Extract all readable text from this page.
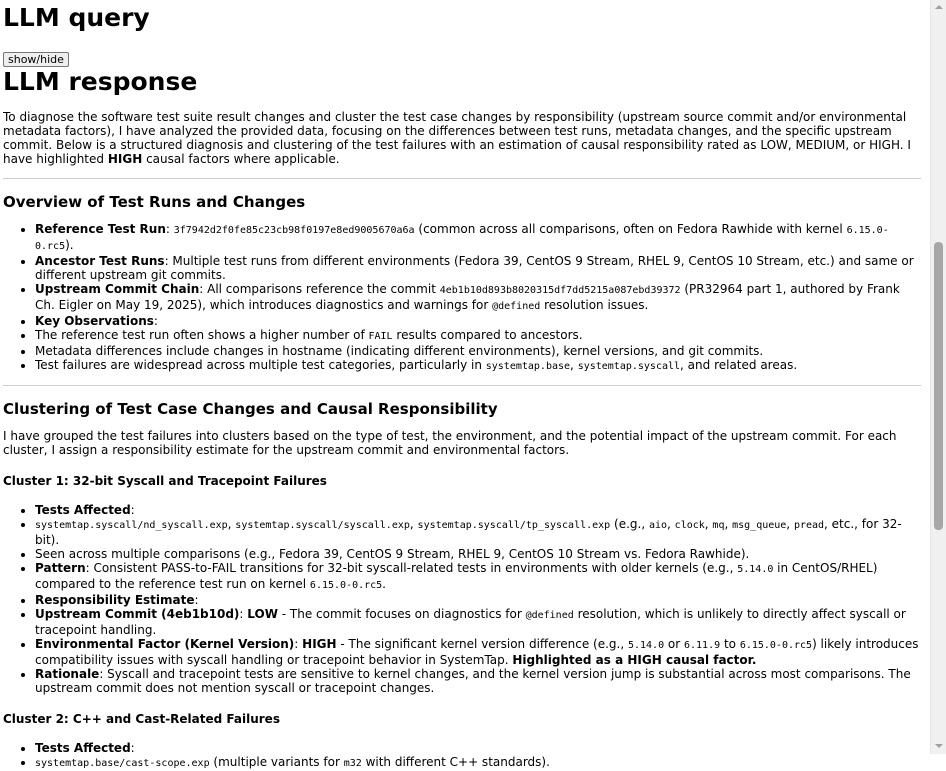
LLM query
show/hide
LLM response

To diagnose the software test suite result changes and cluster the test case changes by responsibility (upstream source commit and/or environmental metadata factors), I have analyzed the provided data, focusing on the differences between test runs, metadata changes, and the specific upstream commit. Below is a structured diagnosis and clustering of the test failures with an estimation of causal responsibility rated as LOW, MEDIUM, or HIGH. I have highlighted HIGH causal factors where applicable.

Overview of Test Runs and Changes
• Reference Test Run: 3f7942d2f0fe85c23cb98f0197e8ed9005670a6a (common across all comparisons, often on Fedora Rawhide with kernel 6.15.0-0.rc5).
• Ancestor Test Runs: Multiple test runs from different environments (Fedora 39, CentOS 9 Stream, RHEL 9, CentOS 10 Stream, etc.) and same or different upstream git commits.
• Upstream Commit Chain: All comparisons reference the commit 4eb1b10d893b8020315df7dd5215a087ebd39372 (PR32964 part 1, authored by Frank Ch. Eigler on May 19, 2025), which introduces diagnostics and warnings for @defined resolution issues.
• Key Observations:
• The reference test run often shows a higher number of FAIL results compared to ancestors.
• Metadata differences include changes in hostname (indicating different environments), kernel versions, and git commits.
• Test failures are widespread across multiple test categories, particularly in systemtap.base, systemtap.syscall, and related areas.
Clustering of Test Case Changes and Causal Responsibility

I have grouped the test failures into clusters based on the type of test, the environment, and the potential impact of the upstream commit. For each cluster, I assign a responsibility estimate for the upstream commit and environmental factors.

Cluster 1: 32-bit Syscall and Tracepoint Failures
• Tests Affected:
• systemtap.syscall/nd_syscall.exp, systemtap.syscall/syscall.exp, systemtap.syscall/tp_syscall.exp (e.g., aio, clock, mq, msg_queue, pread, etc., for 32-bit).
• Seen across multiple comparisons (e.g., Fedora 39, CentOS 9 Stream, RHEL 9, CentOS 10 Stream vs. Fedora Rawhide).
• Pattern: Consistent PASS-to-FAIL transitions for 32-bit syscall-related tests in environments with older kernels (e.g., 5.14.0 in CentOS/RHEL) compared to the reference test run on kernel 6.15.0-0.rc5.
• Responsibility Estimate:
• Upstream Commit (4eb1b10d): LOW - The commit focuses on diagnostics for @defined resolution, which is unlikely to directly affect syscall or tracepoint handling.
• Environmental Factor (Kernel Version): HIGH - The significant kernel version difference (e.g., 5.14.0 or 6.11.9 to 6.15.0-0.rc5) likely introduces compatibility issues with syscall handling or tracepoint behavior in SystemTap. Highlighted as a HIGH causal factor.
• Rationale: Syscall and tracepoint tests are sensitive to kernel changes, and the kernel version jump is substantial across most comparisons. The upstream commit does not mention syscall or tracepoint changes.
Cluster 2: C++ and Cast-Related Failures
• Tests Affected:
• systemtap.base/cast-scope.exp (multiple variants for m32 with different C++ standards).
